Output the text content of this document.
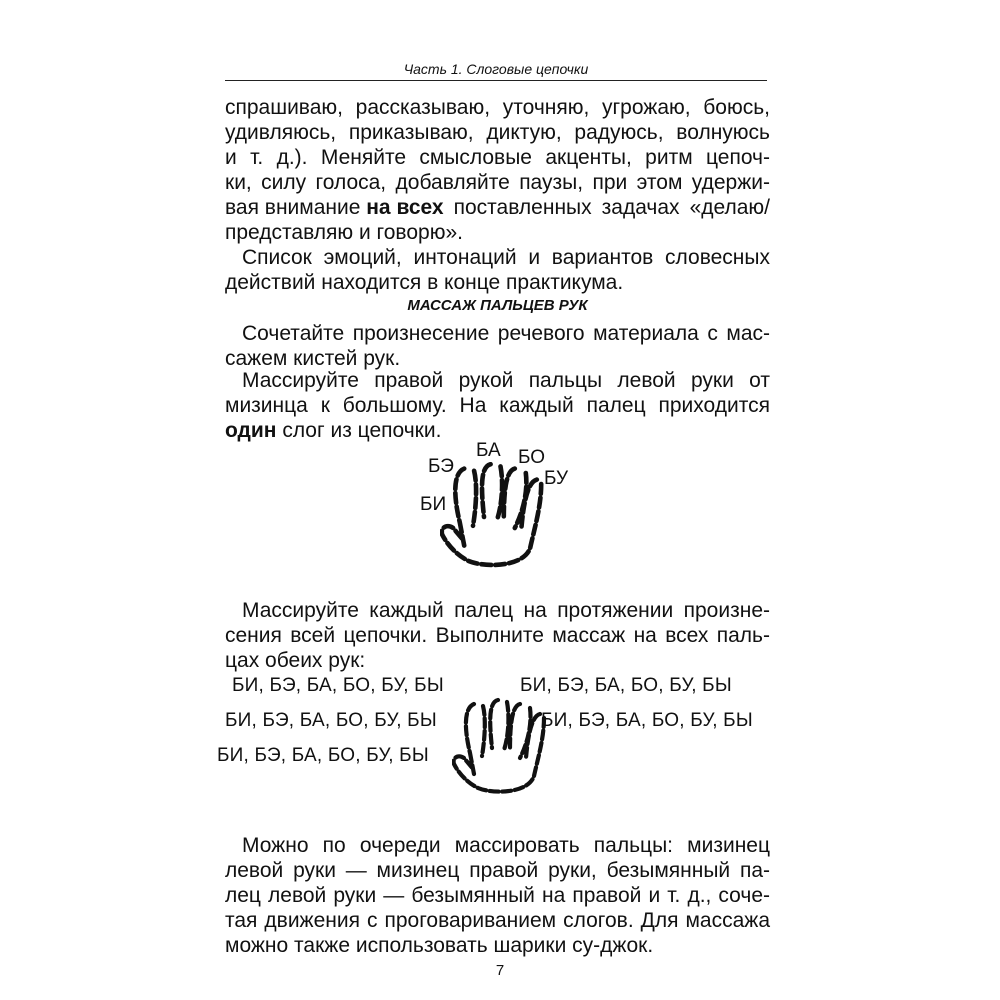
Часть 1. Слоговые цепочки
спрашиваю, рассказываю, уточняю, угрожаю, боюсь,
удивляюсь, приказываю, диктую, радуюсь, волнуюсь
и т. д.). Меняйте смысловые акценты, ритм цепоч-
ки, силу голоса, добавляйте паузы, при этом удержи-
вая внимание на всех поставленных задачах «делаю/
представляю и говорю».
Список эмоций, интонаций и вариантов словесных
действий находится в конце практикума.
МАССАЖ ПАЛЬЦЕВ РУК
Сочетайте произнесение речевого материала с мас-
сажем кистей рук.
Массируйте правой рукой пальцы левой руки от
мизинца к большому. На каждый палец приходится
один слог из цепочки.
БИ
БЭ
БА БО
БУ
Массируйте каждый палец на протяжении произне-
сения всей цепочки. Выполните массаж на всех паль-
цах обеих рук:
БИ, БЭ, БА, БО, БУ, БЫ	БИ, БЭ, БА, БО, БУ, БЫ
БИ, БЭ, БА, БО, БУ, БЫ	БИ, БЭ, БА, БО, БУ, БЫ
БИ, БЭ, БА, БО, БУ, БЫ
Можно по очереди массировать пальцы: мизинец
левой руки — мизинец правой руки, безымянный па-
лец левой руки — безымянный на правой и т. д., сочe-
тая движения с проговариванием слогов. Для массажа
можно также использовать шарики су-джок.
7
